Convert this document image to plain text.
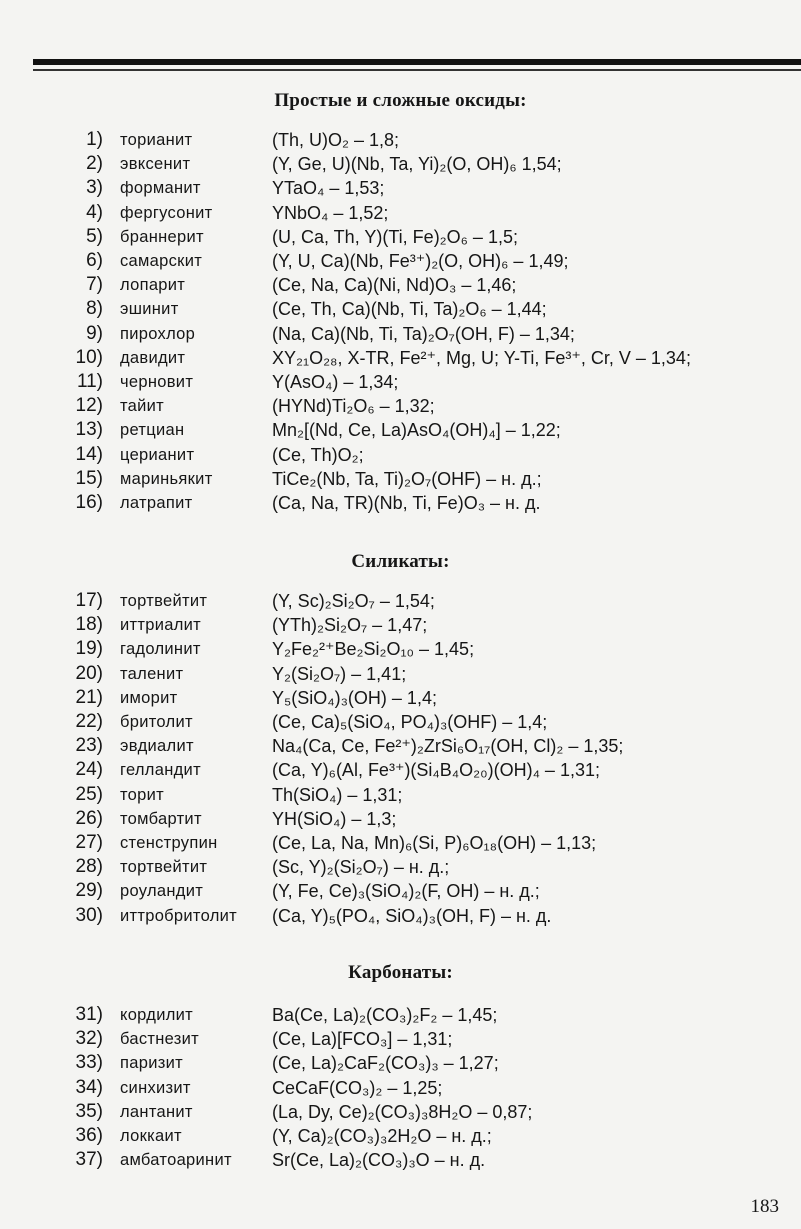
Простые и сложные оксиды:
1) торианит	(Th, U)O₂ – 1,8;
2) эвксенит	(Y, Ge, U)(Nb, Ta, Yi)₂(O, OH)₆ 1,54;
3) форманит	YTaO₄ – 1,53;
4) фергусонит	YNbO₄ – 1,52;
5) браннерит	(U, Ca, Th, Y)(Ti, Fe)₂O₆ – 1,5;
6) самарскит	(Y, U, Ca)(Nb, Fe³⁺)₂(O, OH)₆ – 1,49;
7) лопарит	(Ce, Na, Ca)(Ni, Nd)O₃ – 1,46;
8) эшинит	(Ce, Th, Ca)(Nb, Ti, Ta)₂O₆ – 1,44;
9) пирохлор	(Na, Ca)(Nb, Ti, Ta)₂O₇(OH, F) – 1,34;
10) давидит	XY₂₁O₂₈, X-TR, Fe²⁺, Mg, U; Y-Ti, Fe³⁺, Cr, V – 1,34;
11) черновит	Y(AsO₄) – 1,34;
12) тайит	(HYNd)Ti₂O₆ – 1,32;
13) ретциан	Mn₂[(Nd, Ce, La)AsO₄(OH)₄] – 1,22;
14) церианит	(Ce, Th)O₂;
15) мариньякит	TiCe₂(Nb, Ta, Ti)₂O₇(OHF) – н. д.;
16) латрапит	(Ca, Na, TR)(Nb, Ti, Fe)O₃ – н. д.
Силикаты:
17) тортвейтит	(Y, Sc)₂Si₂O₇ – 1,54;
18) иттриалит	(YTh)₂Si₂O₇ – 1,47;
19) гадолинит	Y₂Fe₂²⁺Be₂Si₂O₁₀ – 1,45;
20) таленит	Y₂(Si₂O₇) – 1,41;
21) иморит	Y₅(SiO₄)₃(OH) – 1,4;
22) бритолит	(Ce, Ca)₅(SiO₄, PO₄)₃(OHF) – 1,4;
23) эвдиалит	Na₄(Ca, Ce, Fe²⁺)₂ZrSi₆O₁₇(OH, Cl)₂ – 1,35;
24) гелландит	(Ca, Y)₆(Al, Fe³⁺)(Si₄B₄O₂₀)(OH)₄ – 1,31;
25) торит	Th(SiO₄) – 1,31;
26) томбартит	YH(SiO₄) – 1,3;
27) стенструпин	(Ce, La, Na, Mn)₆(Si, P)₆O₁₈(OH) – 1,13;
28) тортвейтит	(Sc, Y)₂(Si₂O₇) – н. д.;
29) роуландит	(Y, Fe, Ce)₃(SiO₄)₂(F, OH) – н. д.;
30) иттробритолит (Ca, Y)₅(PO₄, SiO₄)₃(OH, F) – н. д.
Карбонаты:
31) кордилит	Ba(Ce, La)₂(CO₃)₂F₂ – 1,45;
32) бастнезит	(Ce, La)[FCO₃] – 1,31;
33) паризит	(Ce, La)₂CaF₂(CO₃)₃ – 1,27;
34) синхизит	CeCaF(CO₃)₂ – 1,25;
35) лантанит	(La, Dy, Ce)₂(CO₃)₃8H₂O – 0,87;
36) локкаит	(Y, Ca)₂(CO₃)₃2H₂O – н. д.;
37) амбатоаринит Sr(Ce, La)₂(CO₃)₃O – н. д.
183
